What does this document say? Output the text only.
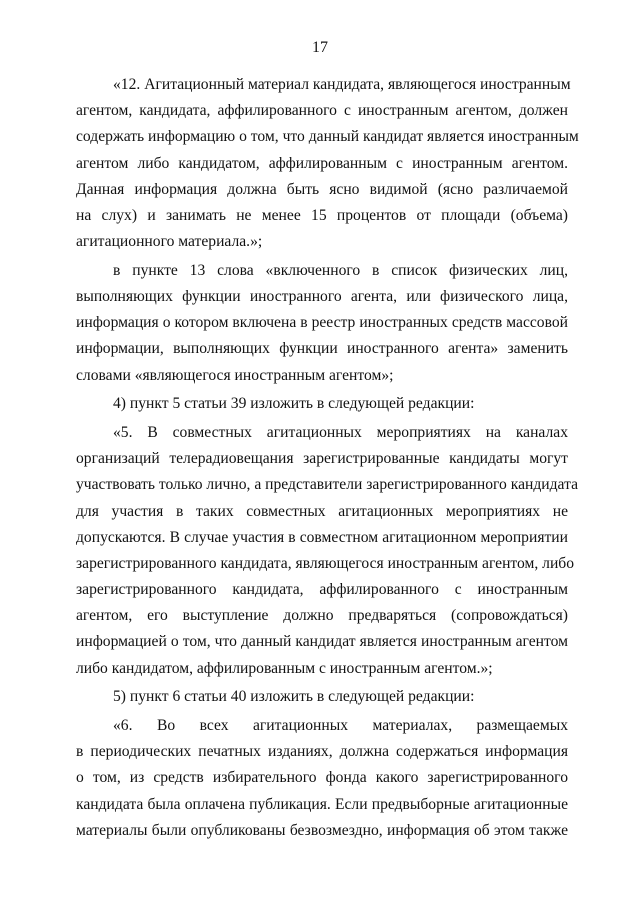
17
«12. Агитационный материал кандидата, являющегося иностранным
агентом, кандидата, аффилированного с иностранным агентом, должен
содержать информацию о том, что данный кандидат является иностранным
агентом либо кандидатом, аффилированным с иностранным агентом.
Данная информация должна быть ясно видимой (ясно различаемой
на слух) и занимать не менее 15 процентов от площади (объема)
агитационного материала.»;
в пункте 13 слова «включенного в список физических лиц,
выполняющих функции иностранного агента, или физического лица,
информация о котором включена в реестр иностранных средств массовой
информации, выполняющих функции иностранного агента» заменить
словами «являющегося иностранным агентом»;
4) пункт 5 статьи 39 изложить в следующей редакции:
«5. В совместных агитационных мероприятиях на каналах
организаций телерадиовещания зарегистрированные кандидаты могут
участвовать только лично, а представители зарегистрированного кандидата
для участия в таких совместных агитационных мероприятиях не
допускаются. В случае участия в совместном агитационном мероприятии
зарегистрированного кандидата, являющегося иностранным агентом, либо
зарегистрированного кандидата, аффилированного с иностранным
агентом, его выступление должно предваряться (сопровождаться)
информацией о том, что данный кандидат является иностранным агентом
либо кандидатом, аффилированным с иностранным агентом.»;
5) пункт 6 статьи 40 изложить в следующей редакции:
«6. Во всех агитационных материалах, размещаемых
в периодических печатных изданиях, должна содержаться информация
о том, из средств избирательного фонда какого зарегистрированного
кандидата была оплачена публикация. Если предвыборные агитационные
материалы были опубликованы безвозмездно, информация об этом также
